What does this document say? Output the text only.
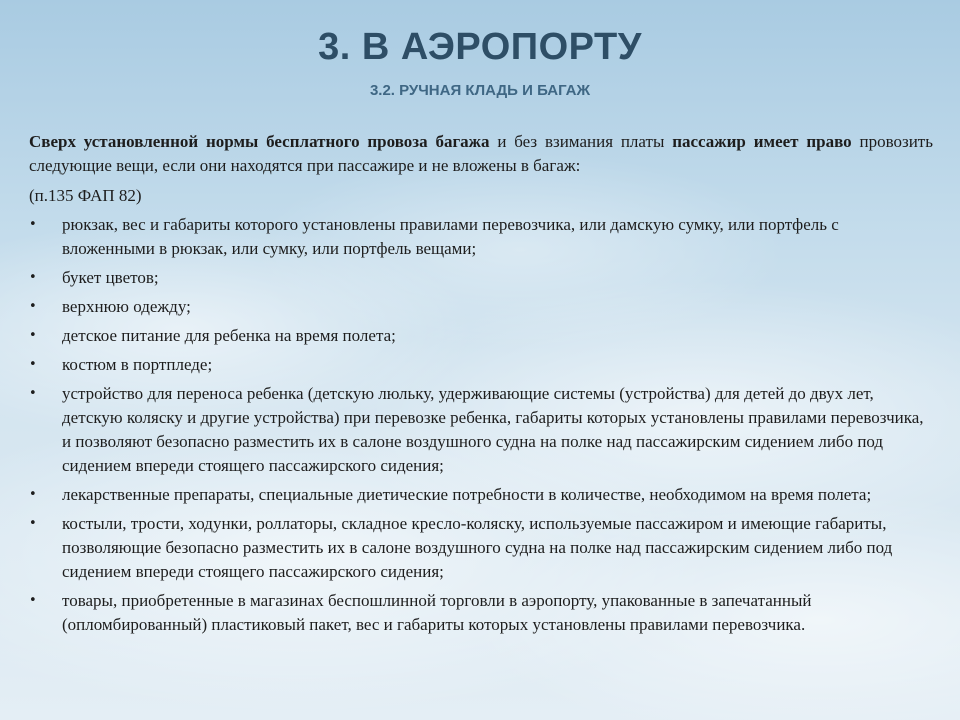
3. В АЭРОПОРТУ
3.2. РУЧНАЯ КЛАДЬ И БАГАЖ

Сверх установленной нормы бесплатного провоза багажа и без взимания платы пассажир имеет право провозить следующие вещи, если они находятся при пассажире и не вложены в багаж:

(п.135 ФАП 82)

• рюкзак, вес и габариты которого установлены правилами перевозчика, или дамскую сумку, или портфель с вложенными в рюкзак, или сумку, или портфель вещами;
• букет цветов;
• верхнюю одежду;
• детское питание для ребенка на время полета;
• костюм в портпледе;
• устройство для переноса ребенка (детскую люльку, удерживающие системы (устройства) для детей до двух лет, детскую коляску и другие устройства) при перевозке ребенка, габариты которых установлены правилами перевозчика, и позволяют безопасно разместить их в салоне воздушного судна на полке над пассажирским сидением либо под сидением впереди стоящего пассажирского сидения;
• лекарственные препараты, специальные диетические потребности в количестве, необходимом на время полета;
• костыли, трости, ходунки, роллаторы, складное кресло-коляску, используемые пассажиром и имеющие габариты, позволяющие безопасно разместить их в салоне воздушного судна на полке над пассажирским сидением либо под сидением впереди стоящего пассажирского сидения;
• товары, приобретенные в магазинах беспошлинной торговли в аэропорту, упакованные в запечатанный (опломбированный) пластиковый пакет, вес и габариты которых установлены правилами перевозчика.
